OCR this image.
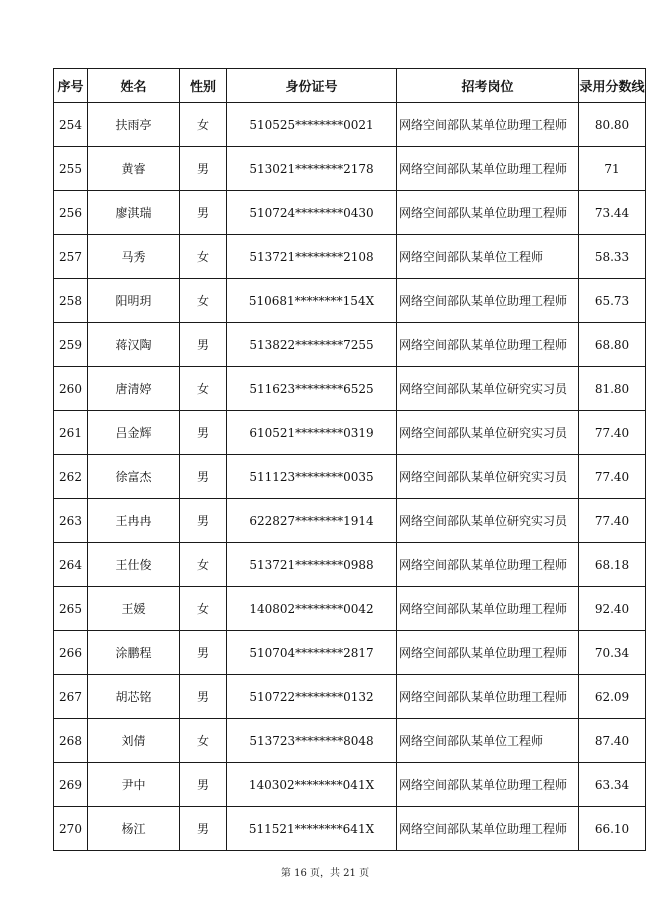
序号	姓名	性别	身份证号	招考岗位	录用分数线
254	扶雨亭	女	510525********0021	网络空间部队某单位助理工程师	80.80
255	黄睿	男	513021********2178	网络空间部队某单位助理工程师	71
256	廖淇瑞	男	510724********0430	网络空间部队某单位助理工程师	73.44
257	马秀	女	513721********2108	网络空间部队某单位工程师	58.33
258	阳明玥	女	510681********154X	网络空间部队某单位助理工程师	65.73
259	蒋汉陶	男	513822********7255	网络空间部队某单位助理工程师	68.80
260	唐清婷	女	511623********6525	网络空间部队某单位研究实习员	81.80
261	吕金辉	男	610521********0319	网络空间部队某单位研究实习员	77.40
262	徐富杰	男	511123********0035	网络空间部队某单位研究实习员	77.40
263	王冉冉	男	622827********1914	网络空间部队某单位研究实习员	77.40
264	王仕俊	女	513721********0988	网络空间部队某单位助理工程师	68.18
265	王媛	女	140802********0042	网络空间部队某单位助理工程师	92.40
266	涂鹏程	男	510704********2817	网络空间部队某单位助理工程师	70.34
267	胡芯铭	男	510722********0132	网络空间部队某单位助理工程师	62.09
268	刘倩	女	513723********8048	网络空间部队某单位工程师	87.40
269	尹中	男	140302********041X	网络空间部队某单位助理工程师	63.34
270	杨江	男	511521********641X	网络空间部队某单位助理工程师	66.10
第 16 页，共 21 页
